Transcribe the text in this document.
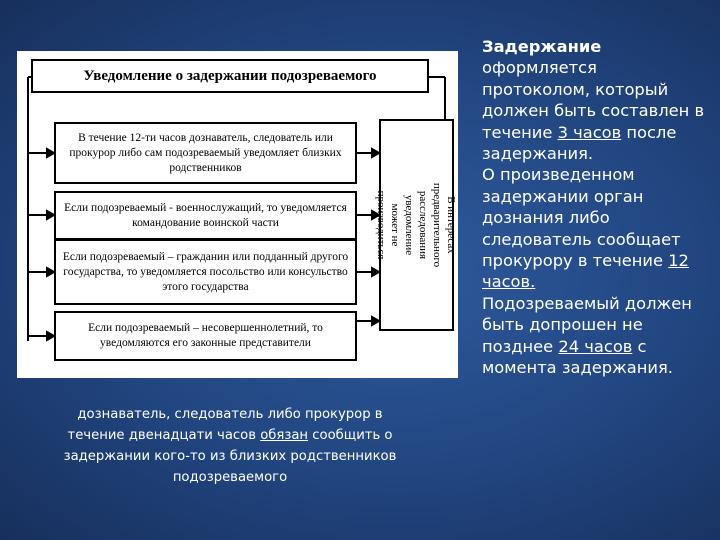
Уведомление о задержании подозреваемого
В течение 12-ти часов дознаватель, следователь или прокурор либо сам подозреваемый уведомляет близких родственников
Если подозреваемый - военнослужащий, то уведомляется командование воинской части
Если подозреваемый – гражданин или подданный другого государства, то уведомляется посольство или консульство этого государства
Если подозреваемый – несовершеннолетний, то уведомляются его законные представители
В интересах
предварительного
расследования уведомление
может не производиться
дознаватель, следователь либо прокурор в течение двенадцати часов обязан сообщить о задержании кого-то из близких родственников подозреваемого

Задержание
оформляется протоколом, который должен быть составлен в течение 3 часов после задержания.

О произведенном задержании орган дознания либо следователь сообщает прокурору в течение 12 часов.

Подозреваемый должен быть допрошен не позднее 24 часов с момента задержания.
